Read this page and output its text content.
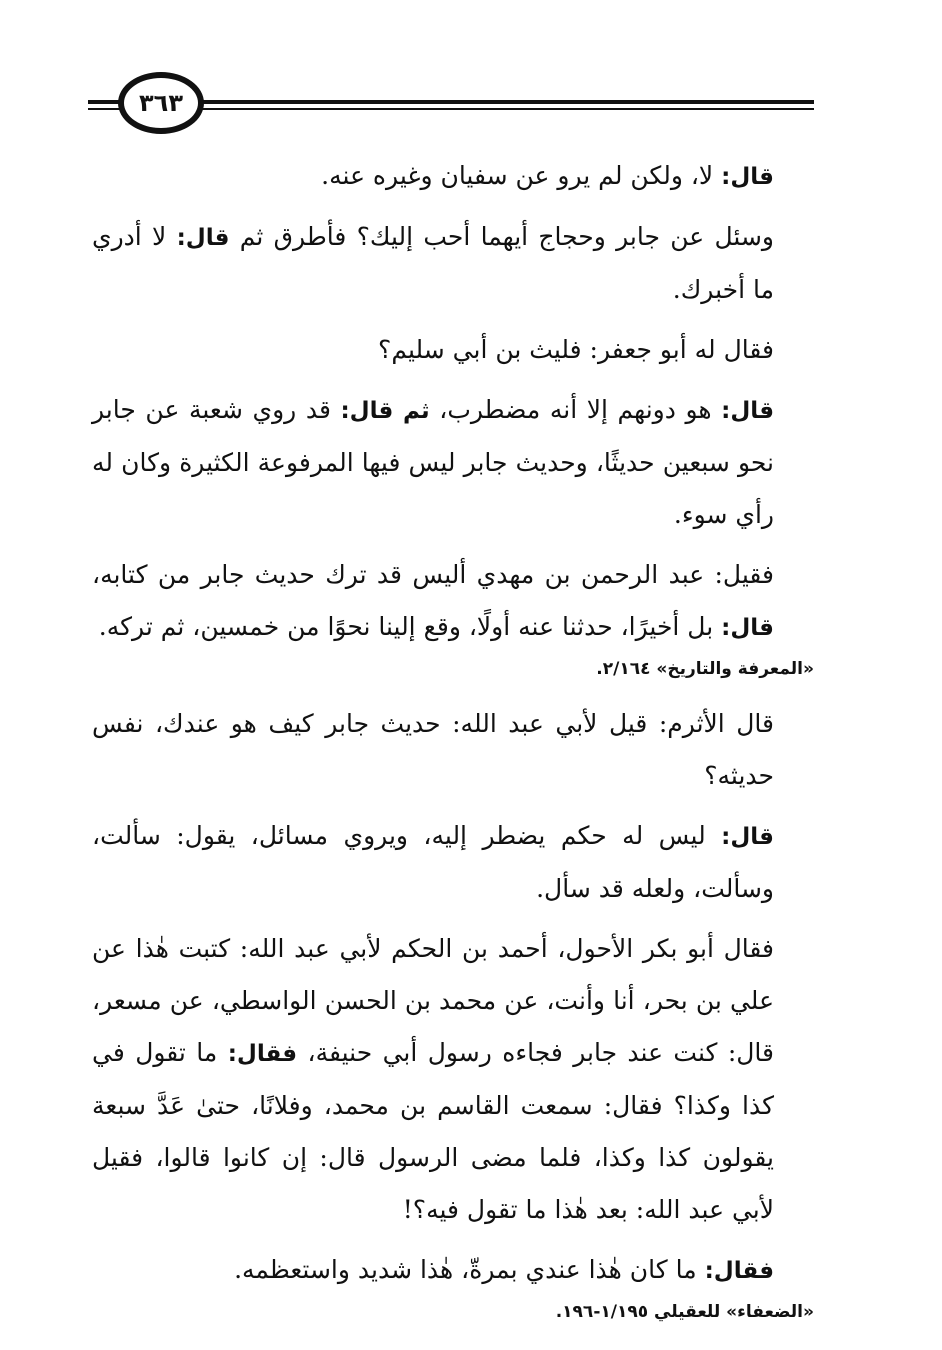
٣٦٣

قال: لا، ولكن لم يرو عن سفيان وغيره عنه.

وسئل عن جابر وحجاج أيهما أحب إليك؟ فأطرق ثم قال: لا أدري ما أخبرك.

فقال له أبو جعفر: فليث بن أبي سليم؟

قال: هو دونهم إلا أنه مضطرب، ثم قال: قد روي شعبة عن جابر نحو سبعين حديثًا، وحديث جابر ليس فيها المرفوعة الكثيرة وكان له رأي سوء.

فقيل: عبد الرحمن بن مهدي أليس قد ترك حديث جابر من كتابه، قال: بل أخيرًا، حدثنا عنه أولًا، وقع إلينا نحوًا من خمسين، ثم تركه.

«المعرفة والتاريخ» ٢/١٦٤.

قال الأثرم: قيل لأبي عبد الله: حديث جابر كيف هو عندك، نفس حديثه؟

قال: ليس له حكم يضطر إليه، ويروي مسائل، يقول: سألت، وسألت، ولعله قد سأل.

فقال أبو بكر الأحول، أحمد بن الحكم لأبي عبد الله: كتبت هٰذا عن علي بن بحر، أنا وأنت، عن محمد بن الحسن الواسطي، عن مسعر، قال: كنت عند جابر فجاءه رسول أبي حنيفة، فقال: ما تقول في كذا وكذا؟ فقال: سمعت القاسم بن محمد، وفلانًا، حتىٰ عَدَّ سبعة يقولون كذا وكذا، فلما مضى الرسول قال: إن كانوا قالوا، فقيل لأبي عبد الله: بعد هٰذا ما تقول فيه؟!

فقال: ما كان هٰذا عندي بمرةّ، هٰذا شديد واستعظمه.

«الضعفاء» للعقيلي ١/١٩٥-١٩٦.
